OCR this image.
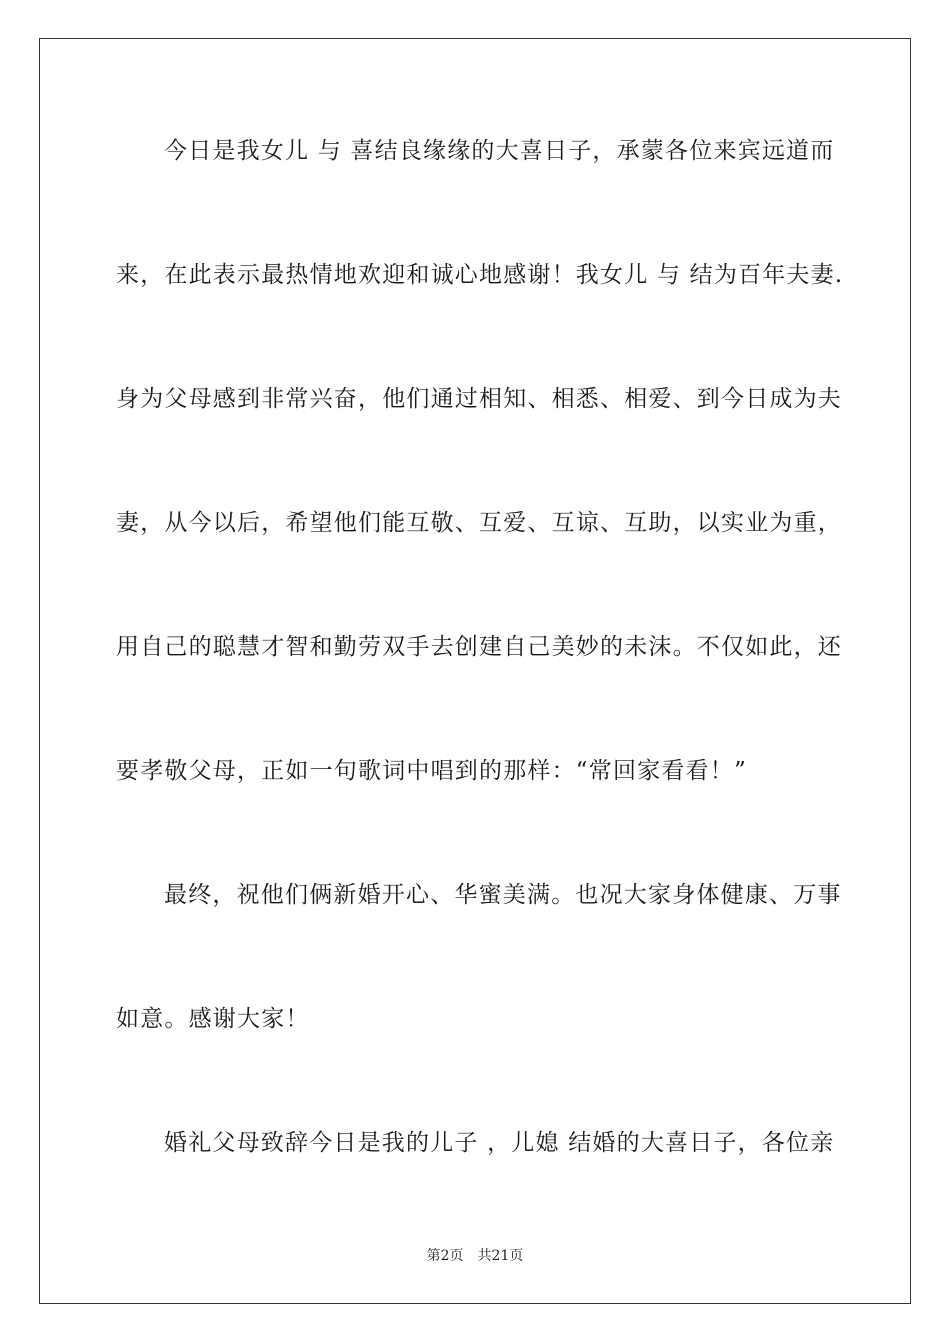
今日是我女儿 与 喜结良缘缘的大喜日子，承蒙各位来宾远道而
来，在此表示最热情地欢迎和诚心地感谢！我女儿 与 结为百年夫妻.
身为父母感到非常兴奋，他们通过相知、相悉、相爱、到今日成为夫
妻，从今以后，希望他们能互敬、互爱、互谅、互助，以实业为重，
用自己的聪慧才智和勤劳双手去创建自己美妙的未沫。不仅如此，还
要孝敬父母，正如一句歌词中唱到的那样：“常回家看看！”
最终，祝他们俩新婚开心、华蜜美满。也况大家身体健康、万事
如意。感谢大家！
婚礼父母致辞今日是我的儿子 ，儿媳 结婚的大喜日子，各位亲
第2页 共21页
